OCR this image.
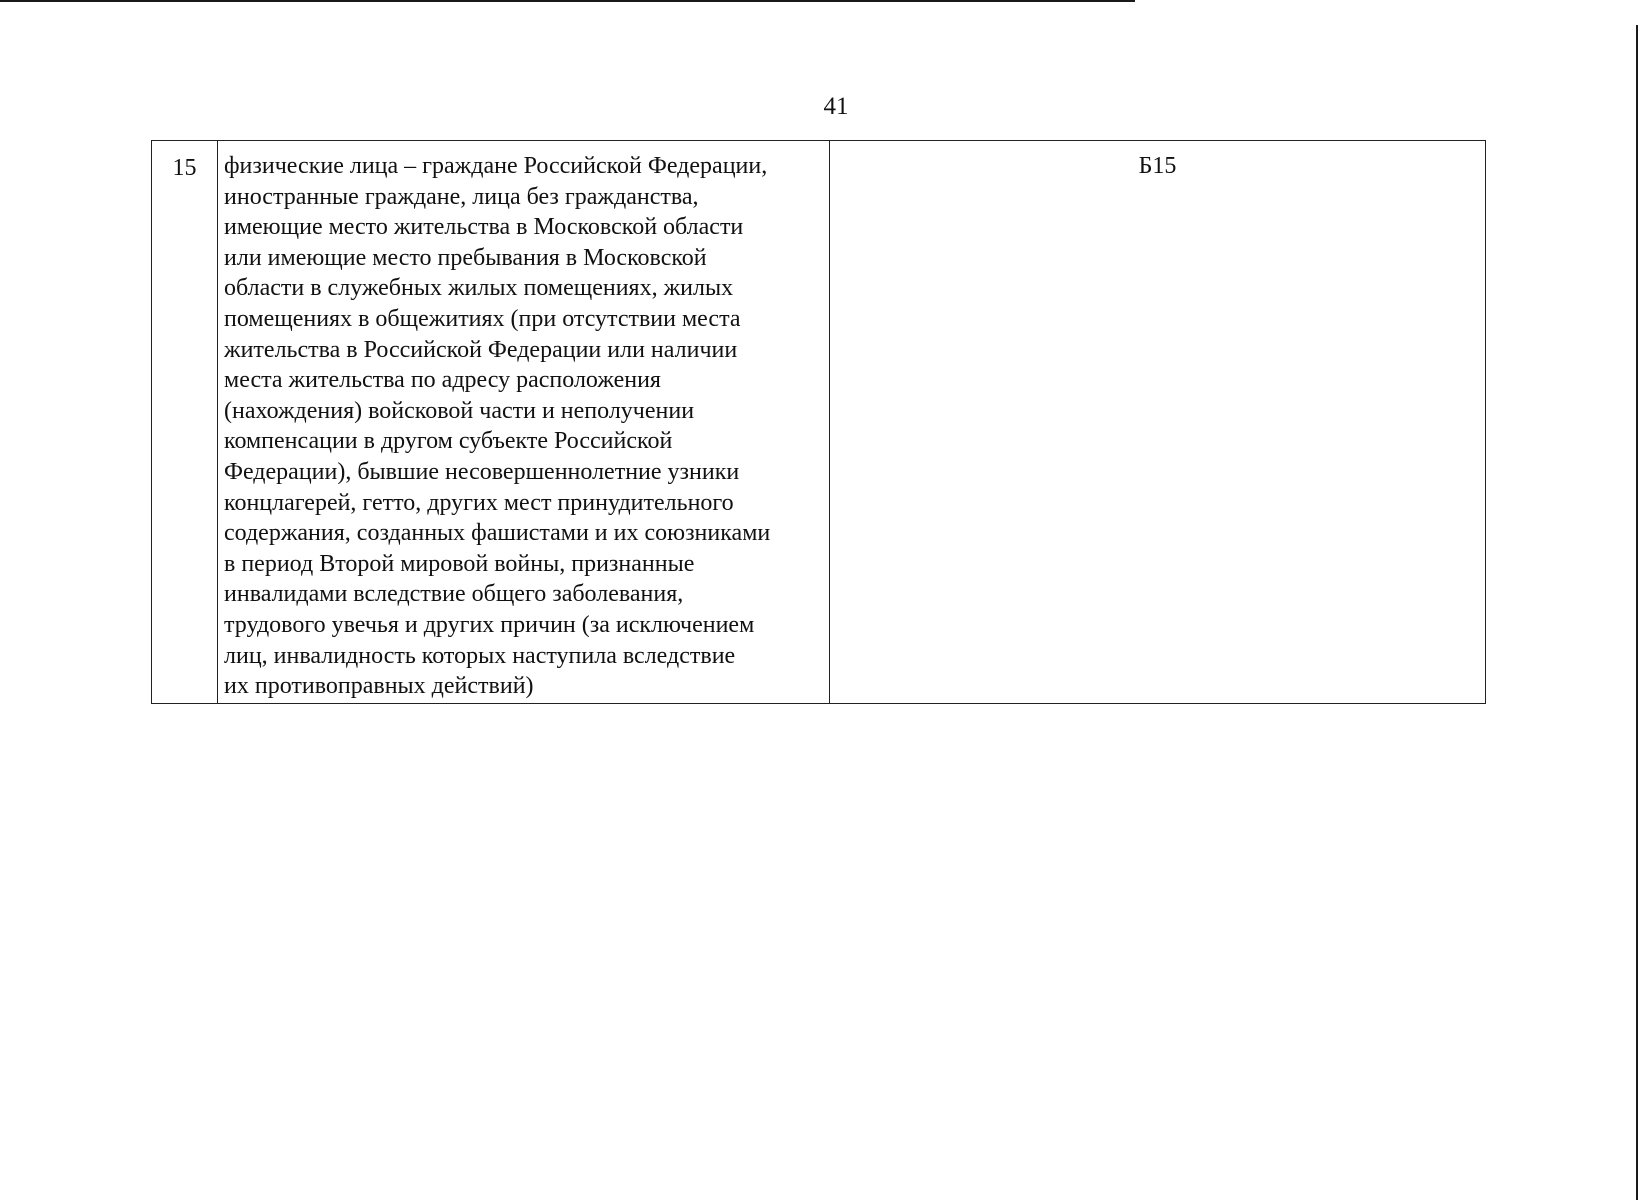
41
15	физические лица – граждане Российской Федерации,
иностранные граждане, лица без гражданства,
имеющие место жительства в Московской области
или имеющие место пребывания в Московской
области в служебных жилых помещениях, жилых
помещениях в общежитиях (при отсутствии места
жительства в Российской Федерации или наличии
места жительства по адресу расположения
(нахождения) войсковой части и неполучении
компенсации в другом субъекте Российской
Федерации), бывшие несовершеннолетние узники
концлагерей, гетто, других мест принудительного
содержания, созданных фашистами и их союзниками
в период Второй мировой войны, признанные
инвалидами вследствие общего заболевания,
трудового увечья и других причин (за исключением
лиц, инвалидность которых наступила вследствие
их противоправных действий)
	Б15
